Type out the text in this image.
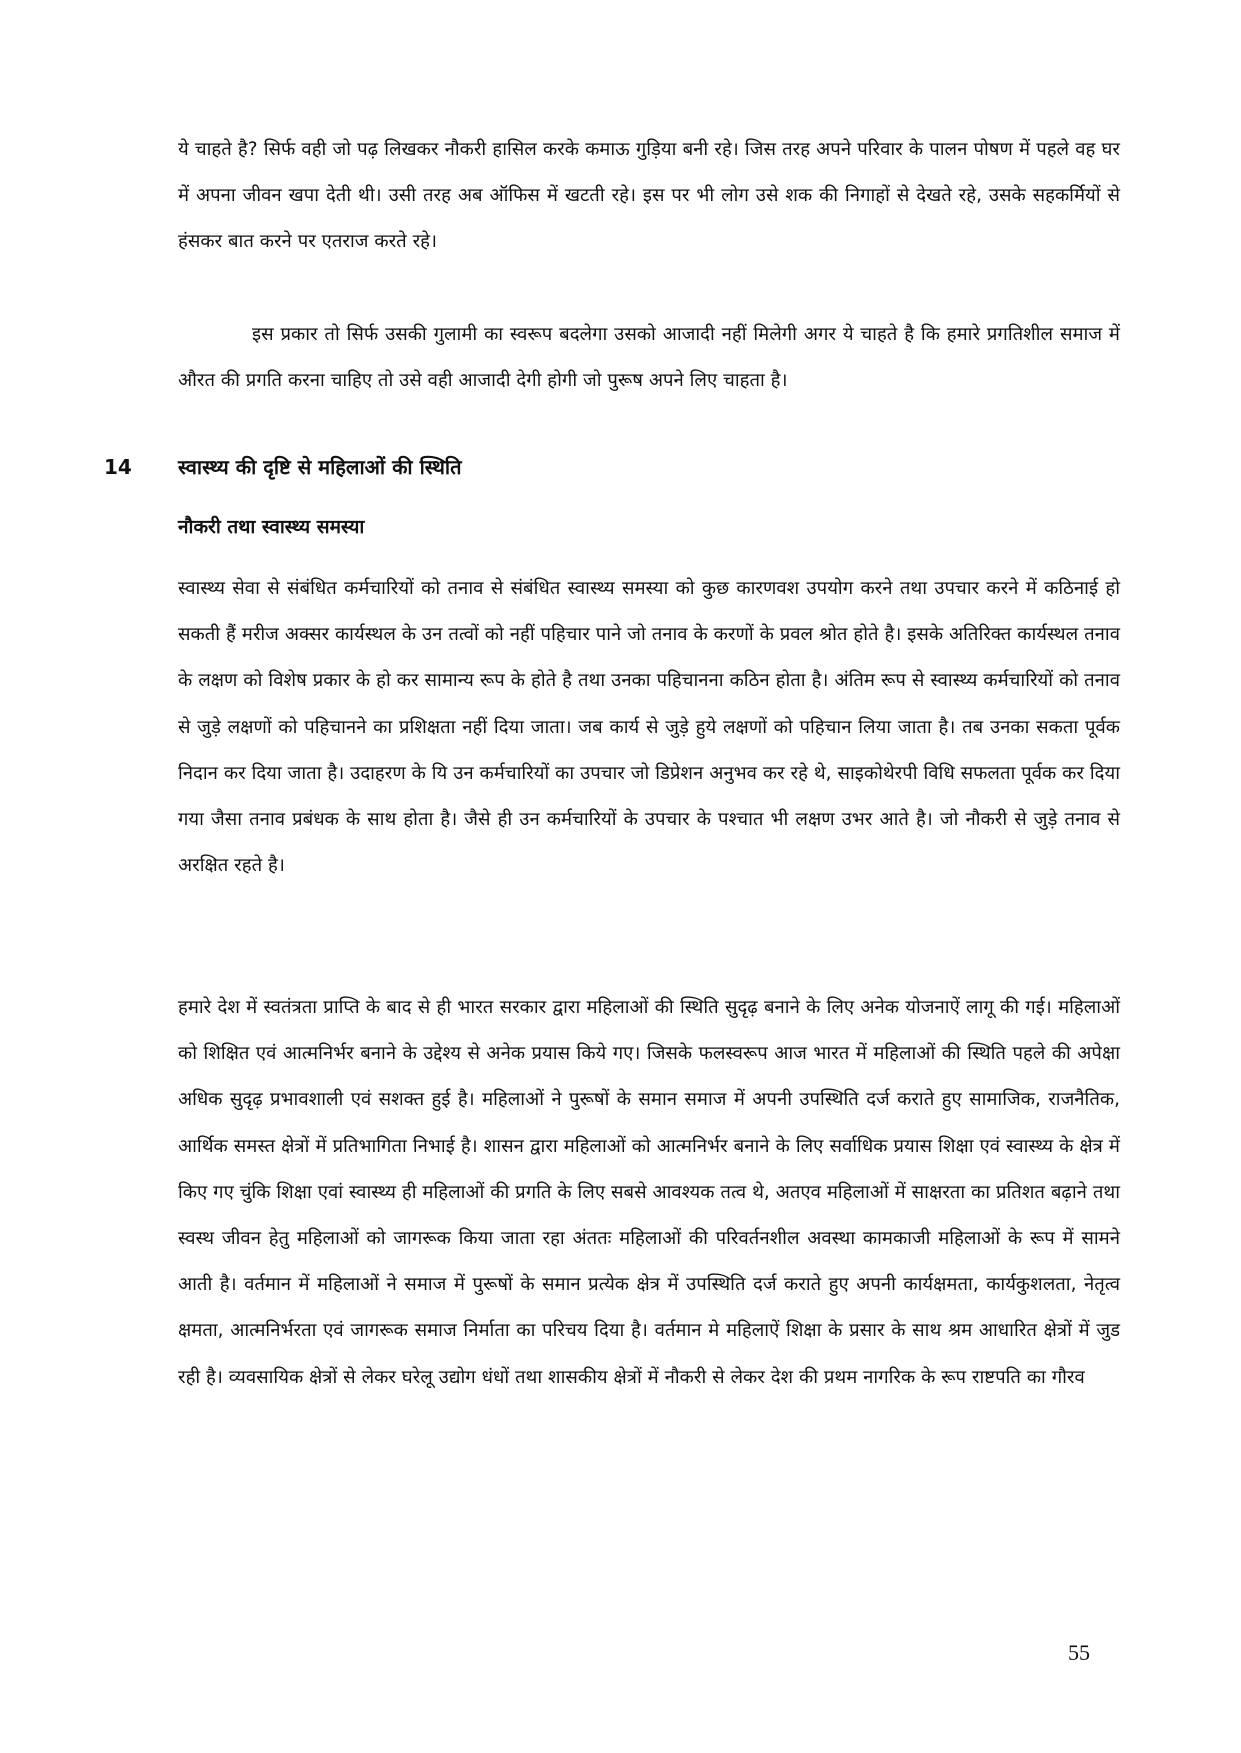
ये चाहते है? सिर्फ वही जो पढ़ लिखकर नौकरी हासिल करके कमाऊ गुड़िया बनी रहे। जिस तरह अपने परिवार के पालन पोषण में पहले वह घर में अपना जीवन खपा देती थी। उसी तरह अब ऑफिस में खटती रहे। इस पर भी लोग उसे शक की निगाहों से देखते रहे, उसके सहकर्मियों से हंसकर बात करने पर एतराज करते रहे।

इस प्रकार तो सिर्फ उसकी गुलामी का स्वरूप बदलेगा उसको आजादी नहीं मिलेगी अगर ये चाहते है कि हमारे प्रगतिशील समाज में औरत की प्रगति करना चाहिए तो उसे वही आजादी देगी होगी जो पुरूष अपने लिए चाहता है।

14 स्वास्थ्य की दृष्टि से महिलाओं की स्थिति
नौकरी तथा स्वास्थ्य समस्या

स्वास्थ्य सेवा से संबंधित कर्मचारियों को तनाव से संबंधित स्वास्थ्य समस्या को कुछ कारणवश उपयोग करने तथा उपचार करने में कठिनाई हो सकती हैं मरीज अक्सर कार्यस्थल के उन तत्वों को नहीं पहिचार पाने जो तनाव के करणों के प्रवल श्रोत होते है। इसके अतिरिक्त कार्यस्थल तनाव के लक्षण को विशेष प्रकार के हो कर सामान्य रूप के होते है तथा उनका पहिचानना कठिन होता है। अंतिम रूप से स्वास्थ्य कर्मचारियों को तनाव से जुड़े लक्षणों को पहिचानने का प्रशिक्षता नहीं दिया जाता। जब कार्य से जुड़े हुये लक्षणों को पहिचान लिया जाता है। तब उनका सकता पूर्वक निदान कर दिया जाता है। उदाहरण के यि उन कर्मचारियों का उपचार जो डिप्रेशन अनुभव कर रहे थे, साइकोथेरपी विधि सफलता पूर्वक कर दिया गया जैसा तनाव प्रबंधक के साथ होता है। जैसे ही उन कर्मचारियों के उपचार के पश्चात भी लक्षण उभर आते है। जो नौकरी से जुड़े तनाव से अरक्षित रहते है।

हमारे देश में स्वतंत्रता प्राप्ति के बाद से ही भारत सरकार द्वारा महिलाओं की स्थिति सुदृढ़ बनाने के लिए अनेक योजनाऐं लागू की गई। महिलाओं को शिक्षित एवं आत्मनिर्भर बनाने के उद्देश्य से अनेक प्रयास किये गए। जिसके फलस्वरूप आज भारत में महिलाओं की स्थिति पहले की अपेक्षा अधिक सुदृढ़ प्रभावशाली एवं सशक्त हुई है। महिलाओं ने पुरूषों के समान समाज में अपनी उपस्थिति दर्ज कराते हुए सामाजिक, राजनैतिक, आर्थिक समस्त क्षेत्रों में प्रतिभागिता निभाई है। शासन द्वारा महिलाओं को आत्मनिर्भर बनाने के लिए सर्वाधिक प्रयास शिक्षा एवं स्वास्थ्य के क्षेत्र में किए गए चुंकि शिक्षा एवां स्वास्थ्य ही महिलाओं की प्रगति के लिए सबसे आवश्यक तत्व थे, अतएव महिलाओं में साक्षरता का प्रतिशत बढ़ाने तथा स्वस्थ जीवन हेतु महिलाओं को जागरूक किया जाता रहा अंततः महिलाओं की परिवर्तनशील अवस्था कामकाजी महिलाओं के रूप में सामने आती है। वर्तमान में महिलाओं ने समाज में पुरूषों के समान प्रत्येक क्षेत्र में उपस्थिति दर्ज कराते हुए अपनी कार्यक्षमता, कार्यकुशलता, नेतृत्व क्षमता, आत्मनिर्भरता एवं जागरूक समाज निर्माता का परिचय दिया है। वर्तमान मे महिलाऐं शिक्षा के प्रसार के साथ श्रम आधारित क्षेत्रों में जुड रही है। व्यवसायिक क्षेत्रों से लेकर घरेलू उद्योग धंधों तथा शासकीय क्षेत्रों में नौकरी से लेकर देश की प्रथम नागरिक के रूप राष्टपति का गौरव

55
